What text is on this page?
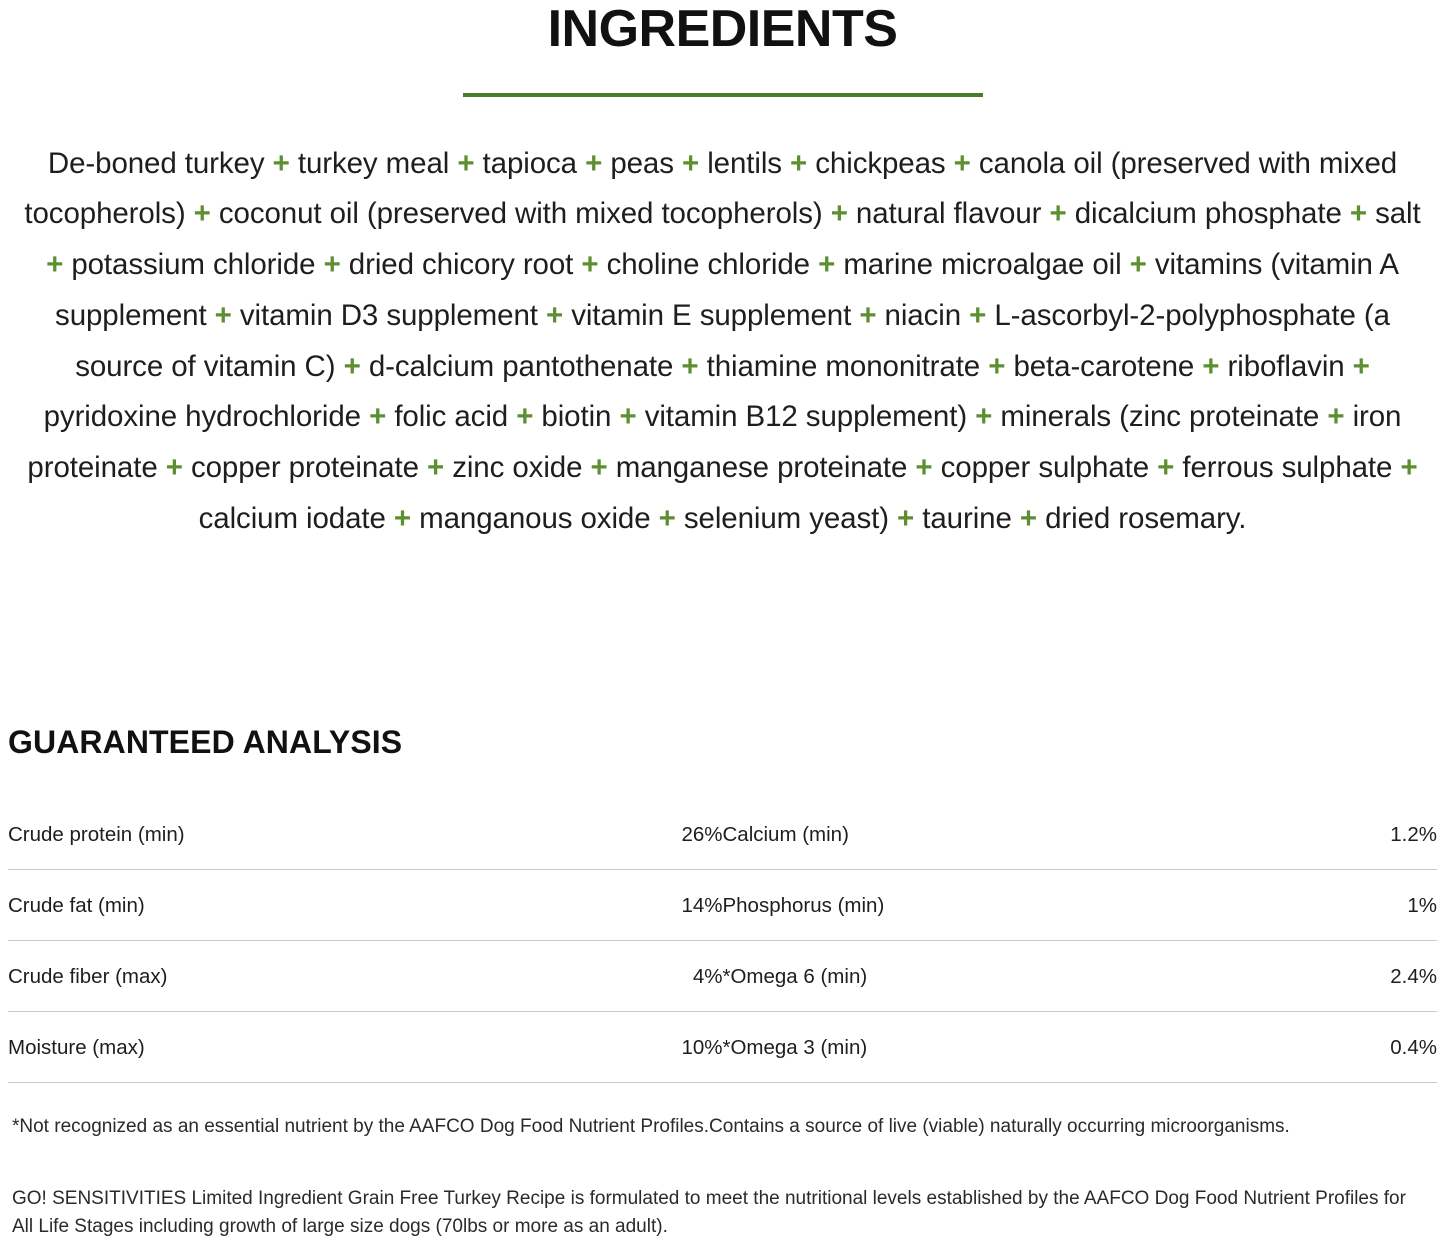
INGREDIENTS

De-boned turkey + turkey meal + tapioca + peas + lentils + chickpeas + canola oil (preserved with mixed tocopherols) + coconut oil (preserved with mixed tocopherols) + natural flavour + dicalcium phosphate + salt + potassium chloride + dried chicory root + choline chloride + marine microalgae oil + vitamins (vitamin A supplement + vitamin D3 supplement + vitamin E supplement + niacin + L-ascorbyl-2-polyphosphate (a source of vitamin C) + d-calcium pantothenate + thiamine mononitrate + beta-carotene + riboflavin + pyridoxine hydrochloride + folic acid + biotin + vitamin B12 supplement) + minerals (zinc proteinate + iron proteinate + copper proteinate + zinc oxide + manganese proteinate + copper sulphate + ferrous sulphate + calcium iodate + manganous oxide + selenium yeast) + taurine + dried rosemary.

GUARANTEED ANALYSIS
Crude protein (min)	26%	Calcium (min)	1.2%
Crude fat (min)	14%	Phosphorus (min)	1%
Crude fiber (max)	4%	*Omega 6 (min)	2.4%
Moisture (max)	10%	*Omega 3 (min)	0.4%

*Not recognized as an essential nutrient by the AAFCO Dog Food Nutrient Profiles.Contains a source of live (viable) naturally occurring microorganisms.

GO! SENSITIVITIES Limited Ingredient Grain Free Turkey Recipe is formulated to meet the nutritional levels established by the AAFCO Dog Food Nutrient Profiles for All Life Stages including growth of large size dogs (70lbs or more as an adult).
